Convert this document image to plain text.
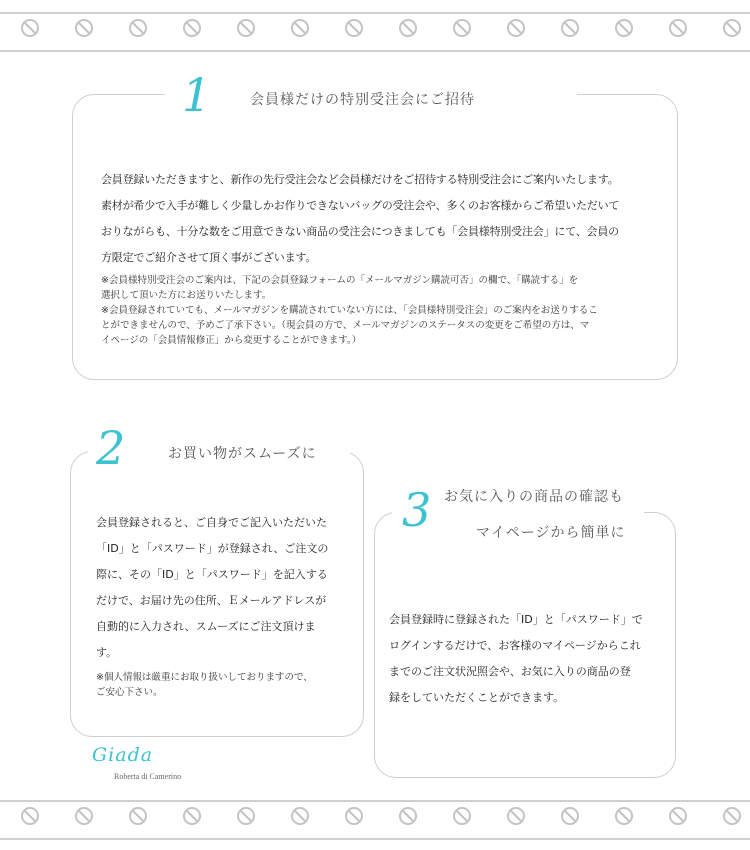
1	会員様だけの特別受注会にご招待

会員登録いただきますと、新作の先行受注会など会員様だけをご招待する特別受注会にご案内いたします。

素材が希少で入手が難しく少量しかお作りできないバッグの受注会や、多くのお客様からご希望いただいて

おりながらも、十分な数をご用意できない商品の受注会につきましても「会員様特別受注会」にて、会員の

方限定でご紹介させて頂く事がございます。

※会員様特別受注会のご案内は、下記の会員登録フォームの「メールマガジン購読可否」の欄で、「購読する」を

選択して頂いた方にお送りいたします。

※会員登録されていても、メールマガジンを購読されていない方には、「会員様特別受注会」のご案内をお送りするこ

とができませんので、予めご了承下さい。（現会員の方で、メールマガジンのステータスの変更をご希望の方は、マ

イページの「会員情報修正」から変更することができます。）

2	お買い物がスムーズに

会員登録されると、ご自身でご記入いただいた

「ID」と「パスワード」が登録され、ご注文の

際に、その「ID」と「パスワード」を記入する

だけで、お届け先の住所、Ｅメールアドレスが

自動的に入力され、スムーズにご注文頂けま

す。

※個人情報は厳重にお取り扱いしておりますので、

ご安心下さい。

3 お気に入りの商品の確認も
マイページから簡単に

会員登録時に登録された「ID」と「パスワード」で

ログインするだけで、お客様のマイページからこれ

までのご注文状況照会や、お気に入りの商品の登

録をしていただくことができます。

Giada
Roberta di Camerino
